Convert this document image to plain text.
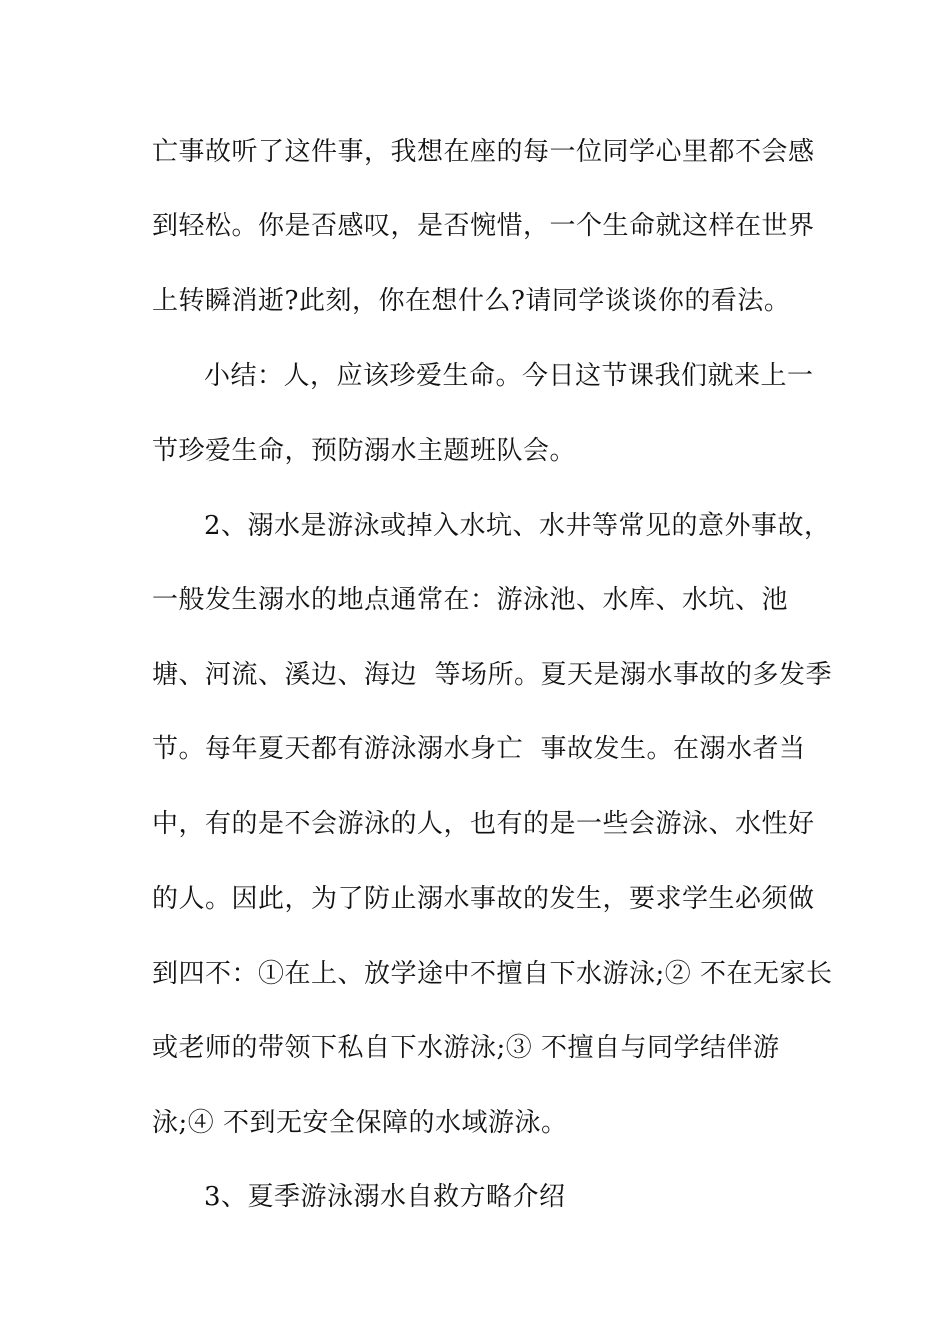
亡事故听了这件事，我想在座的每一位同学心里都不会感
到轻松。你是否感叹，是否惋惜，一个生命就这样在世界
上转瞬消逝?此刻，你在想什么?请同学谈谈你的看法。
小结：人，应该珍爱生命。今日这节课我们就来上一
节珍爱生命，预防溺水主题班队会。
2、溺水是游泳或掉入水坑、水井等常见的意外事故，
一般发生溺水的地点通常在：游泳池、水库、水坑、池
塘、河流、溪边、海边  等场所。夏天是溺水事故的多发季
节。每年夏天都有游泳溺水身亡  事故发生。在溺水者当
中，有的是不会游泳的人，也有的是一些会游泳、水性好
的人。因此，为了防止溺水事故的发生，要求学生必须做
到四不：①在上、放学途中不擅自下水游泳;② 不在无家长
或老师的带领下私自下水游泳;③ 不擅自与同学结伴游
泳;④ 不到无安全保障的水域游泳。
3、夏季游泳溺水自救方略介绍
